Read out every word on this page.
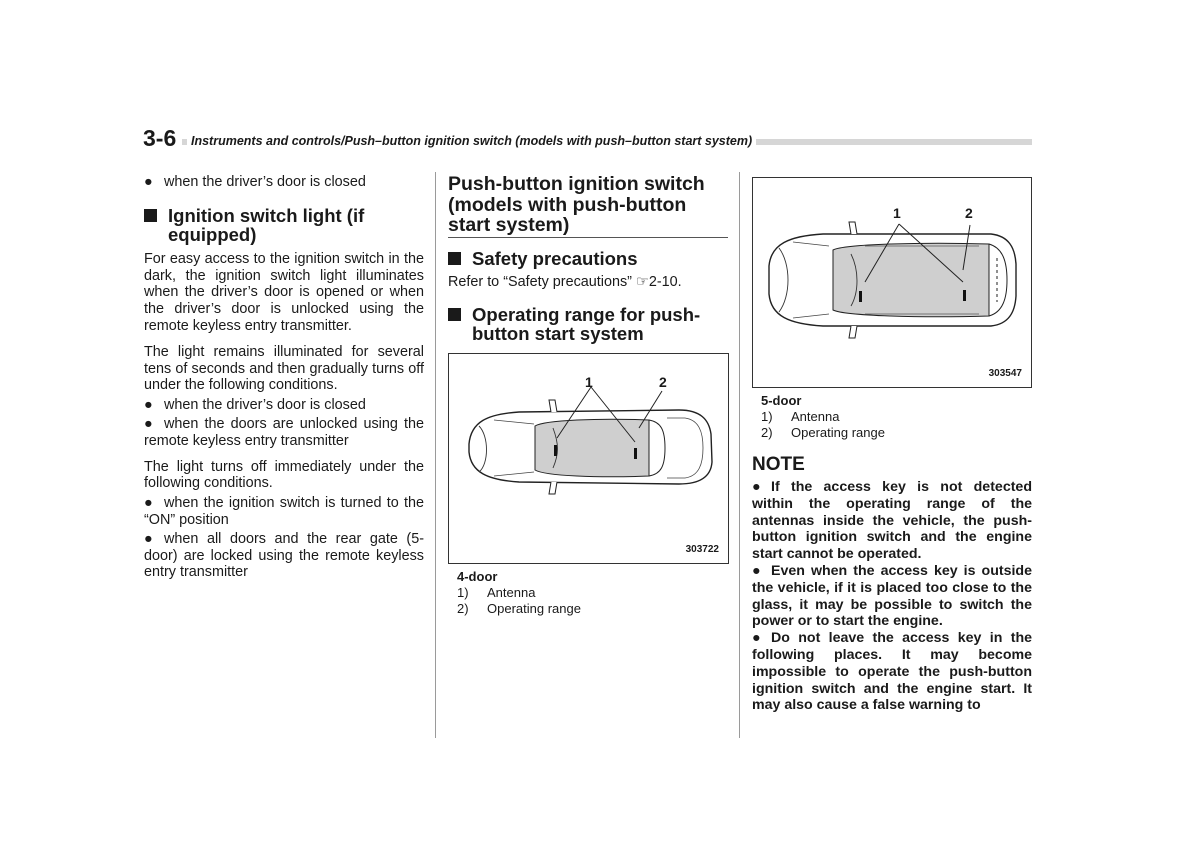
3-6	Instruments and controls/Push–button ignition switch (models with push–button start system)
● when the driver’s door is closed
Ignition switch light (if equipped)
For easy access to the ignition switch in the dark, the ignition switch light illuminates when the driver’s door is opened or when the driver’s door is unlocked using the remote keyless entry transmitter.
The light remains illuminated for several tens of seconds and then gradually turns off under the following conditions.
● when the driver’s door is closed
● when the doors are unlocked using the remote keyless entry transmitter
The light turns off immediately under the following conditions.
● when the ignition switch is turned to the “ON” position
● when all doors and the rear gate (5-door) are locked using the remote keyless entry transmitter
Push-button ignition switch (models with push-button start system)
Safety precautions
Refer to “Safety precautions” ☞2-10.
Operating range for push-button start system
1	2
303722
4-door
1) Antenna
2) Operating range
1	2
303547
5-door
1) Antenna
2) Operating range
NOTE
● If the access key is not detected within the operating range of the antennas inside the vehicle, the push-button ignition switch and the engine start cannot be operated.
● Even when the access key is outside the vehicle, if it is placed too close to the glass, it may be possible to switch the power or to start the engine.
● Do not leave the access key in the following places. It may become impossible to operate the push-button ignition switch and the engine start. It may also cause a false warning to
